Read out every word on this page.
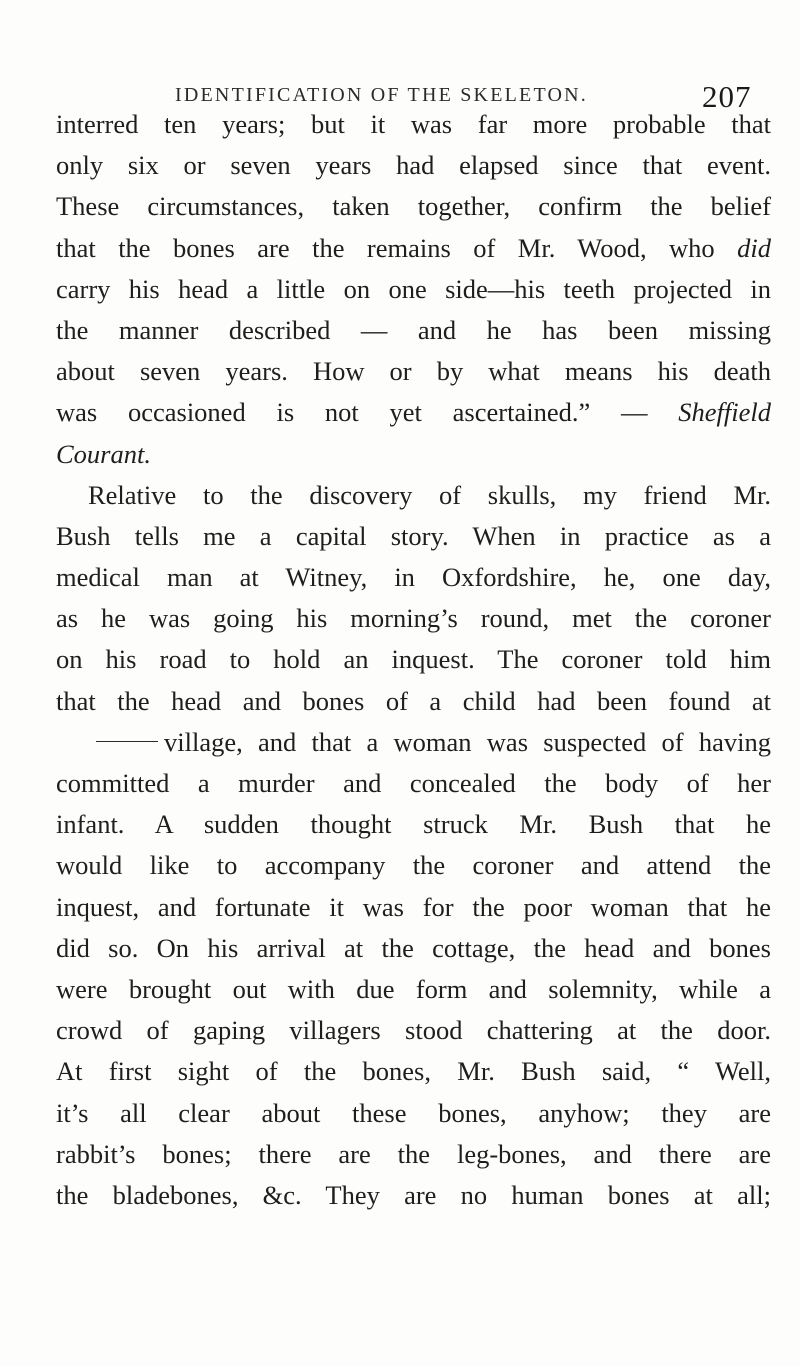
IDENTIFICATION OF THE SKELETON.	207
interred ten years; but it was far more probable that
only six or seven years had elapsed since that event.
These circumstances, taken together, confirm the belief
that the bones are the remains of Mr. Wood, who did
carry his head a little on one side—his teeth projected in
the manner described — and he has been missing
about seven years. How or by what means his death
was occasioned is not yet ascertained.” — Sheffield
Courant.
Relative to the discovery of skulls, my friend Mr.
Bush tells me a capital story. When in practice as a
medical man at Witney, in Oxfordshire, he, one day,
as he was going his morning’s round, met the coroner
on his road to hold an inquest. The coroner told him
that the head and bones of a child had been found at
village, and that a woman was suspected of having
committed a murder and concealed the body of her
infant. A sudden thought struck Mr. Bush that he
would like to accompany the coroner and attend the
inquest, and fortunate it was for the poor woman that he
did so. On his arrival at the cottage, the head and bones
were brought out with due form and solemnity, while a
crowd of gaping villagers stood chattering at the door.
At first sight of the bones, Mr. Bush said, “ Well,
it’s all clear about these bones, anyhow; they are
rabbit’s bones; there are the leg-bones, and there are
the bladebones, &c. They are no human bones at all;
